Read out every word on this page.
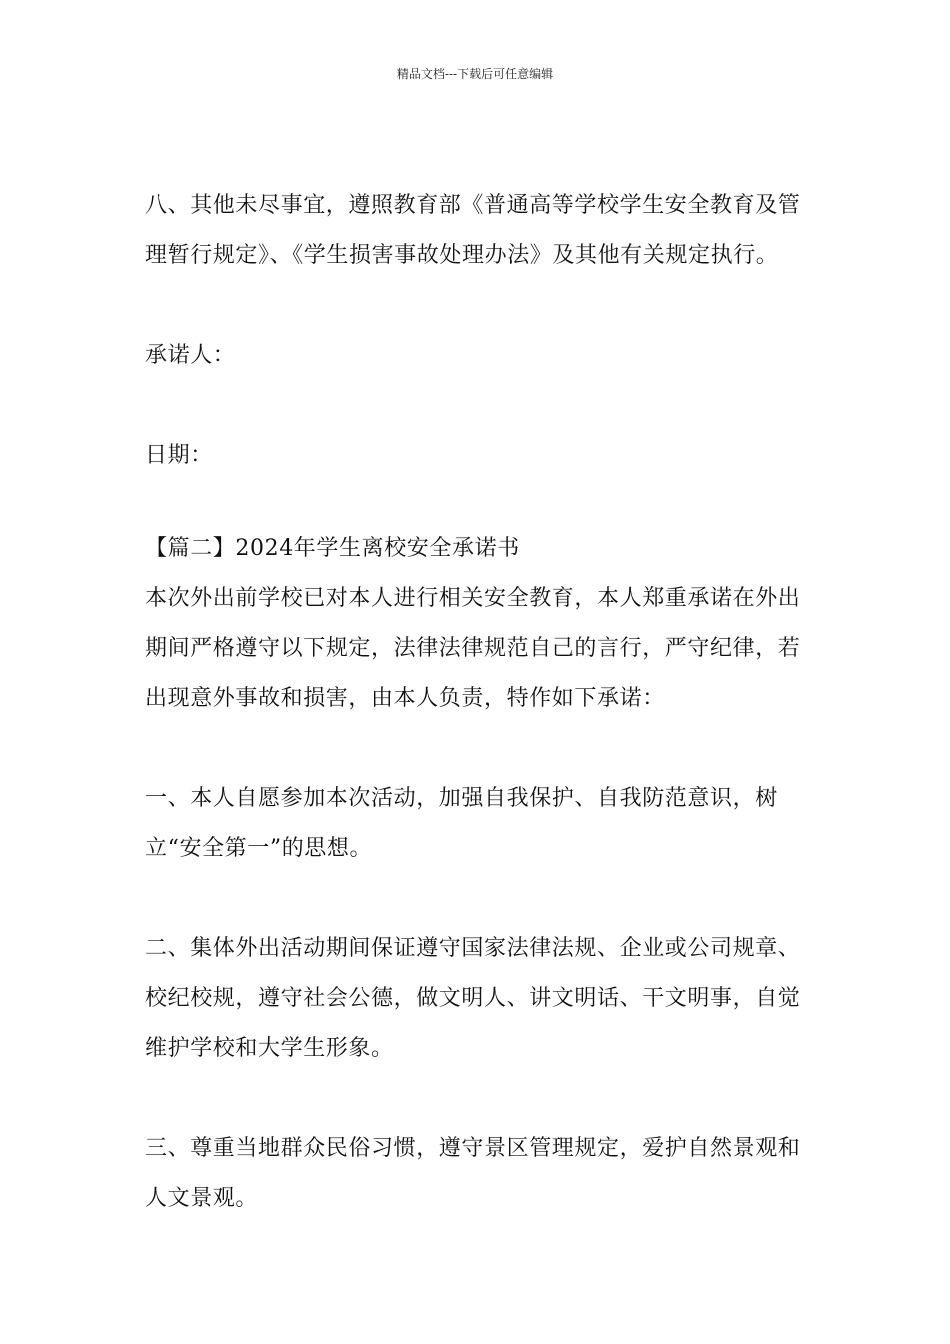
精品文档---下载后可任意编辑

八、其他未尽事宜，遵照教育部《普通高等学校学生安全教育及管理暂行规定》、《学生损害事故处理办法》及其他有关规定执行。

承诺人：

日期：

【篇二】2024年学生离校安全承诺书

本次外出前学校已对本人进行相关安全教育，本人郑重承诺在外出期间严格遵守以下规定，法律法律规范自己的言行，严守纪律，若出现意外事故和损害，由本人负责，特作如下承诺：

一、本人自愿参加本次活动，加强自我保护、自我防范意识，树立“安全第一”的思想。

二、集体外出活动期间保证遵守国家法律法规、企业或公司规章、校纪校规，遵守社会公德，做文明人、讲文明话、干文明事，自觉维护学校和大学生形象。

三、尊重当地群众民俗习惯，遵守景区管理规定，爱护自然景观和人文景观。
